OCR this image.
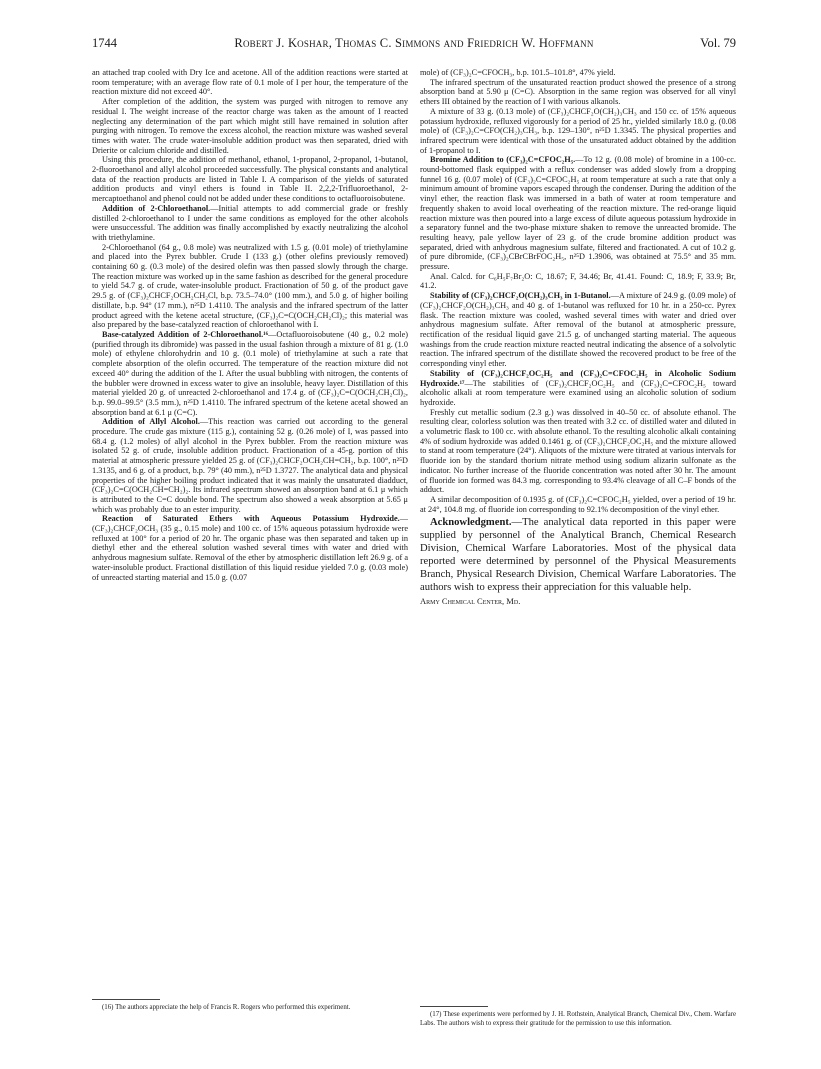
1744	Robert J. Koshar, Thomas C. Simmons and Friedrich W. Hoffmann	Vol. 79

an attached trap cooled with Dry Ice and acetone. All of the addition reactions were started at room temperature; with an average flow rate of 0.1 mole of I per hour, the temperature of the reaction mixture did not exceed 40°.

After completion of the addition, the system was purged with nitrogen to remove any residual I. The weight increase of the reactor charge was taken as the amount of I reacted neglecting any determination of the part which might still have remained in solution after purging with nitrogen. To remove the excess alcohol, the reaction mixture was washed several times with water. The crude water-insoluble addition product was then separated, dried with Drierite or calcium chloride and distilled.

Using this procedure, the addition of methanol, ethanol, 1-propanol, 2-propanol, 1-butanol, 2-fluoroethanol and allyl alcohol proceeded successfully. The physical constants and analytical data of the reaction products are listed in Table I. A comparison of the yields of saturated addition products and vinyl ethers is found in Table II. 2,2,2-Trifluoroethanol, 2-mercaptoethanol and phenol could not be added under these conditions to octafluoroisobutene.

Addition of 2-Chloroethanol.—Initial attempts to add commercial grade or freshly distilled 2-chloroethanol to I under the same conditions as employed for the other alcohols were unsuccessful. The addition was finally accomplished by exactly neutralizing the alcohol with triethylamine.

2-Chloroethanol (64 g., 0.8 mole) was neutralized with 1.5 g. (0.01 mole) of triethylamine and placed into the Pyrex bubbler. Crude I (133 g.) (other olefins previously removed) containing 60 g. (0.3 mole) of the desired olefin was then passed slowly through the charge. The reaction mixture was worked up in the same fashion as described for the general procedure to yield 54.7 g. of crude, water-insoluble product. Fractionation of 50 g. of the product gave 29.5 g. of (CF₃)₂CHCF₂OCH₂CH₂Cl, b.p. 73.5–74.0° (100 mm.), and 5.0 g. of higher boiling distillate, b.p. 94° (17 mm.), n²⁵D 1.4110. The analysis and the infrared spectrum of the latter product agreed with the ketene acetal structure, (CF₃)₂C=C(OCH₂CH₂Cl)₂; this material was also prepared by the base-catalyzed reaction of chloroethanol with I.

Base-catalyzed Addition of 2-Chloroethanol.¹⁶—Octafluoroisobutene (40 g., 0.2 mole) (purified through its dibromide) was passed in the usual fashion through a mixture of 81 g. (1.0 mole) of ethylene chlorohydrin and 10 g. (0.1 mole) of triethylamine at such a rate that complete absorption of the olefin occurred. The temperature of the reaction mixture did not exceed 40° during the addition of the I. After the usual bubbling with nitrogen, the contents of the bubbler were drowned in excess water to give an insoluble, heavy layer. Distillation of this material yielded 20 g. of unreacted 2-chloroethanol and 17.4 g. of (CF₃)₂C=C(OCH₂CH₂Cl)₂, b.p. 99.0–99.5° (3.5 mm.), n²⁵D 1.4110. The infrared spectrum of the ketene acetal showed an absorption band at 6.1 μ (C=C).

Addition of Allyl Alcohol.—This reaction was carried out according to the general procedure. The crude gas mixture (115 g.), containing 52 g. (0.26 mole) of I, was passed into 68.4 g. (1.2 moles) of allyl alcohol in the Pyrex bubbler. From the reaction mixture was isolated 52 g. of crude, insoluble addition product. Fractionation of a 45-g. portion of this material at atmospheric pressure yielded 25 g. of (CF₃)₂CHCF₂OCH₂CH=CH₂, b.p. 100°, n²⁵D 1.3135, and 6 g. of a product, b.p. 79° (40 mm.), n²⁵D 1.3727. The analytical data and physical properties of the higher boiling product indicated that it was mainly the unsaturated diadduct, (CF₃)₂C=C(OCH₂CH=CH₂)₂. Its infrared spectrum showed an absorption band at 6.1 μ which is attributed to the C=C double bond. The spectrum also showed a weak absorption at 5.65 μ which was probably due to an ester impurity.

Reaction of Saturated Ethers with Aqueous Potassium Hydroxide.—(CF₃)₂CHCF₂OCH₃ (35 g., 0.15 mole) and 100 cc. of 15% aqueous potassium hydroxide were refluxed at 100° for a period of 20 hr. The organic phase was then separated and taken up in diethyl ether and the ethereal solution washed several times with water and dried with anhydrous magnesium sulfate. Removal of the ether by atmospheric distillation left 26.9 g. of a water-insoluble product. Fractional distillation of this liquid residue yielded 7.0 g. (0.03 mole) of unreacted starting material and 15.0 g. (0.07

mole) of (CF₃)₂C=CFOCH₃, b.p. 101.5–101.8°, 47% yield.

The infrared spectrum of the unsaturated reaction product showed the presence of a strong absorption band at 5.90 μ (C=C). Absorption in the same region was observed for all vinyl ethers III obtained by the reaction of I with various alkanols.

A mixture of 33 g. (0.13 mole) of (CF₃)₂CHCF₂O(CH₂)₃CH₃ and 150 cc. of 15% aqueous potassium hydroxide, refluxed vigorously for a period of 25 hr., yielded similarly 18.0 g. (0.08 mole) of (CF₃)₂C=CFO(CH₂)₃CH₃, b.p. 129–130°, n²⁵D 1.3345. The physical properties and infrared spectrum were identical with those of the unsaturated adduct obtained by the addition of 1-propanol to I.

Bromine Addition to (CF₃)₂C=CFOC₂H₅.—To 12 g. (0.08 mole) of bromine in a 100-cc. round-bottomed flask equipped with a reflux condenser was added slowly from a dropping funnel 16 g. (0.07 mole) of (CF₃)₂C=CFOC₂H₅ at room temperature at such a rate that only a minimum amount of bromine vapors escaped through the condenser. During the addition of the vinyl ether, the reaction flask was immersed in a bath of water at room temperature and frequently shaken to avoid local overheating of the reaction mixture. The red-orange liquid reaction mixture was then poured into a large excess of dilute aqueous potassium hydroxide in a separatory funnel and the two-phase mixture shaken to remove the unreacted bromide. The resulting heavy, pale yellow layer of 23 g. of the crude bromine addition product was separated, dried with anhydrous magnesium sulfate, filtered and fractionated. A cut of 10.2 g. of pure dibromide, (CF₃)₂CBrCBrFOC₂H₅, n²⁵D 1.3906, was obtained at 75.5° and 35 mm. pressure.

Anal. Calcd. for C₆H₅F₇Br₂O: C, 18.67; F, 34.46; Br, 41.41. Found: C, 18.9; F, 33.9; Br, 41.2.

Stability of (CF₃)₂CHCF₂O(CH₂)₃CH₃ in 1-Butanol.—A mixture of 24.9 g. (0.09 mole) of (CF₃)₂CHCF₂O(CH₂)₃CH₃ and 40 g. of 1-butanol was refluxed for 10 hr. in a 250-cc. Pyrex flask. The reaction mixture was cooled, washed several times with water and dried over anhydrous magnesium sulfate. After removal of the butanol at atmospheric pressure, rectification of the residual liquid gave 21.5 g. of unchanged starting material. The aqueous washings from the crude reaction mixture reacted neutral indicating the absence of a solvolytic reaction. The infrared spectrum of the distillate showed the recovered product to be free of the corresponding vinyl ether.

Stability of (CF₃)₂CHCF₂OC₂H₅ and (CF₃)₂C=CFOC₂H₅ in Alcoholic Sodium Hydroxide.¹⁷—The stabilities of (CF₃)₂CHCF₂OC₂H₅ and (CF₃)₂C=CFOC₂H₅ toward alcoholic alkali at room temperature were examined using an alcoholic solution of sodium hydroxide.

Freshly cut metallic sodium (2.3 g.) was dissolved in 40–50 cc. of absolute ethanol. The resulting clear, colorless solution was then treated with 3.2 cc. of distilled water and diluted in a volumetric flask to 100 cc. with absolute ethanol. To the resulting alcoholic alkali containing 4% of sodium hydroxide was added 0.1461 g. of (CF₃)₂CHCF₂OC₂H₅ and the mixture allowed to stand at room temperature (24°). Aliquots of the mixture were titrated at various intervals for fluoride ion by the standard thorium nitrate method using sodium alizarin sulfonate as the indicator. No further increase of the fluoride concentration was noted after 30 hr. The amount of fluoride ion formed was 84.3 mg. corresponding to 93.4% cleavage of all C–F bonds of the adduct.

A similar decomposition of 0.1935 g. of (CF₃)₂C=CFOC₂H₅ yielded, over a period of 19 hr. at 24°, 104.8 mg. of fluoride ion corresponding to 92.1% decomposition of the vinyl ether.

Acknowledgment.—The analytical data reported in this paper were supplied by personnel of the Analytical Branch, Chemical Research Division, Chemical Warfare Laboratories. Most of the physical data reported were determined by personnel of the Physical Measurements Branch, Physical Research Division, Chemical Warfare Laboratories. The authors wish to express their appreciation for this valuable help.

Army Chemical Center, Md.

(16) The authors appreciate the help of Francis R. Rogers who performed this experiment.

(17) These experiments were performed by J. H. Rothstein, Analytical Branch, Chemical Div., Chem. Warfare Labs. The authors wish to express their gratitude for the permission to use this information.
